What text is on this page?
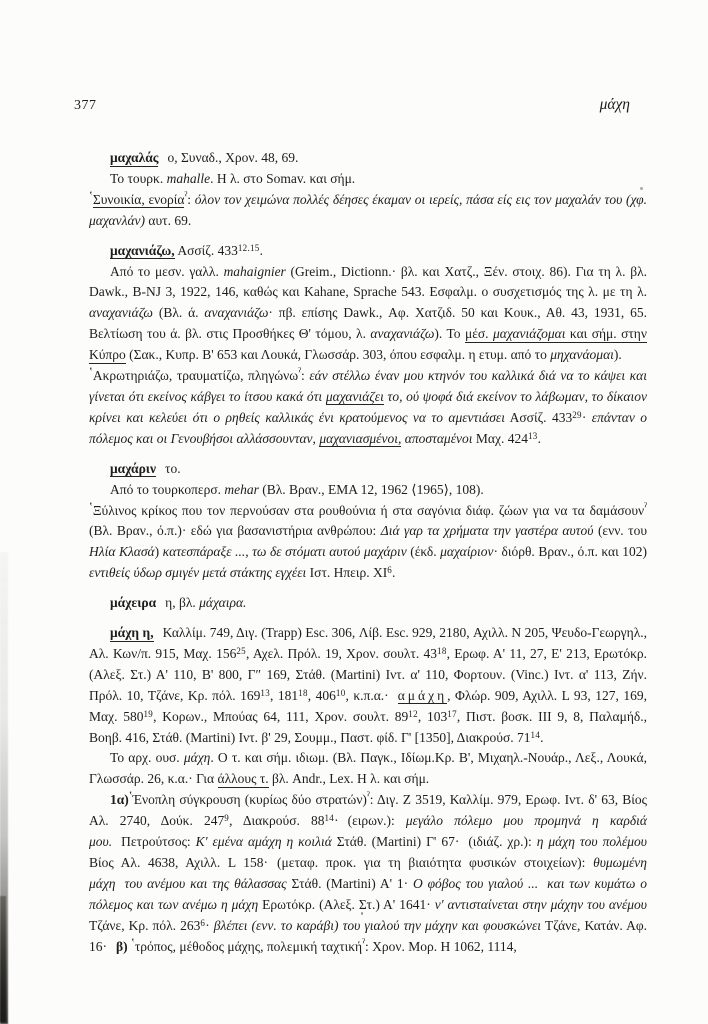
377	μάχη

μαχαλάς ο, Συναδ., Χρον. 48, 69.

Το τουρκ. mahalle. Η λ. στο Somav. και σήμ.

ʽΣυνοικία, ενορίαˀ: όλον τον χειμώνα πολλές δέησες έκαμαν οι ιερείς, πάσα είς εις τον μαχαλάν του (χφ. μαχανλάν) αυτ. 69.

μαχανιάζω, Ασσίζ. $433^{12.15}$.

Από το μεσν. γαλλ. mahaignier (Greim., Dictionn.· βλ. και Χατζ., Ξέν. στοιχ. 86). Για τη λ. βλ. Dawk., B-NJ 3, 1922, 146, καθώς και Kahane, Sprache 543. Εσφαλμ. ο συσχετισμός της λ. με τη λ. αναχανιάζω (Βλ. ά. αναχανιάζω· πβ. επίσης Dawk., Αφ. Χατζιδ. 50 και Κουκ., Αθ. 43, 1931, 65. Βελτίωση του ά. βλ. στις Προσθήκες Θ' τόμου, λ. αναχανιάζω). Το μέσ. μαχανιάζομαι και σήμ. στην Κύπρο (Σακ., Κυπρ. Β' 653 και Λουκά, Γλωσσάρ. 303, όπου εσφαλμ. η ετυμ. από το μηχανάομαι).

ʽΑκρωτηριάζω, τραυματίζω, πληγώνωˀ: εάν στέλλω έναν μου κτηνόν του καλλικά διά να το κάψει και γίνεται ότι εκείνος κάβγει το ίτσου κακά ότι μαχανιάζει το, ού ψοφά διά εκείνον το λάβωμαν, το δίκαιον κρίνει και κελεύει ότι ο ρηθείς καλλικάς ένι κρατούμενος να το αμεντιάσει Ασσίζ. $433^{29}\cdot \varepsilon\pi ά\nu\tau\alpha\nu$ ο πόλεμος και οι Γενουβήσοι αλλάσσουνταν, μαχανιασμένοι, αποσταμένοι Μαχ. $424^{13}$.

μαχάριν το.

Από το τουρκοπερσ. mehar (Βλ. Βραν., ΕΜΑ 12, 1962 ⟨1965⟩, 108).

ʽΞύλινος κρίκος που τον περνούσαν στα ρουθούνια ή στα σαγόνια διάφ. ζώων για να τα δαμάσουνˀ (Βλ. Βραν., ό.π.)· εδώ για βασανιστήρια ανθρώπου: Διά γαρ τα χρήματα την γαστέρα αυτού (ενν. του Ηλία Κλασά) κατεσπάραξε ..., τω δε στόματι αυτού μαχάριν (έκδ. μαχαίριον· διόρθ. Βραν., ό.π. και 102) εντιθείς ύδωρ σμιγέν μετά στάκτης εγχέει Ιστ. Ηπειρ. $XI^6$.

μάχειρα η, βλ. μάχαιρα.

μάχη η, Καλλίμ. 749, Διγ. (Trapp) Esc. 306, Λίβ. Esc. 929, 2180, Αχιλλ. N 205, Ψευδο-Γεωργηλ., Αλ. Κων/π. 915, Μαχ. $156^{25}$, Αχελ. Πρόλ. 19, Χρον. σουλτ. $43^{18}$, Ερωφ. Α' 11, 27, Ε' 213, Ερωτόκρ. (Αλεξ. Στ.) Α' 110, Β' 800, Γ″ 169, Στάθ. (Martini) Ιντ. α' 110, Φορτουν. (Vinc.) Ιντ. α' 113, Ζήν. Πρόλ. 10, Τζάνε, Κρ. πόλ. $169^{13}$, $181^{18}$, $406^{10}$, κ.π.α.· αμάχη, Φλώρ. 909, Αχιλλ. L 93, 127, 169, Μαχ. $580^{19}$, Κορων., Μπούας 64, 111, Χρον. σουλτ. $89^{12}$, $103^{17}$, Πιστ. βοσκ. ΙΙΙ 9, 8, Παλαμήδ., Βοηβ. 416, Στάθ. (Martini) Ιντ. β' 29, Σουμμ., Παστ. φίδ. Γ' [1350], Διακρούσ. $71^{14}$.

Το αρχ. ουσ. μάχη. Ο τ. και σήμ. ιδιωμ. (Βλ. Παγκ., Ιδίωμ.Κρ. Β', Μιχαηλ.-Νουάρ., Λεξ., Λουκά, Γλωσσάρ. 26, κ.α.· Για άλλους τ. βλ. Andr., Lex. Η λ. και σήμ.

1α)ʽΈνοπλη σύγκρουση (κυρίως δύο στρατών)ˀ: Διγ. Ζ 3519, Καλλίμ. 979, Ερωφ. Ιντ. δ' 63, Βίος Αλ. 2740, Δούκ. $247^9$, Διακρούσ. $88^{14}\cdot (\varepsilon\iota\rho\omega\nu.)$: μεγάλο πόλεμο μου προμηνά η καρδιά μου. Πετρούτσος: Κ' εμένα αμάχη η κοιλιά Στάθ. (Martini) Γ' 67· (ιδιάζ. χρ.): η μάχη του πολέμου Βίος Αλ. 4638, Αχιλλ. L 158· (μεταφ. προκ. για τη βιαιότητα φυσικών στοιχείων): θυμωμένη μάχη του ανέμου και της θάλασσας Στάθ. (Martini) Α' 1· Ο φόβος του γιαλού ... και των κυμάτω ο πόλεμος και των ανέμω η μάχη Ερωτόκρ. (Αλεξ. Στ.) Α' 1641· ν' αντισταίνεται στην μάχην του ανέμου Τζάνε, Κρ. πόλ. $263^6\cdot \beta\lambda έ\pi\varepsilon\iota$ (ενν. το καράβι) του γιαλού την μάχην και φουσκώνει Τζάνε, Κατάν. Αφ. 16· β) ʽτρόπος, μέθοδος μάχης, πολεμική ταχτικήˀ: Χρον. Μορ. Η 1062, 1114,
